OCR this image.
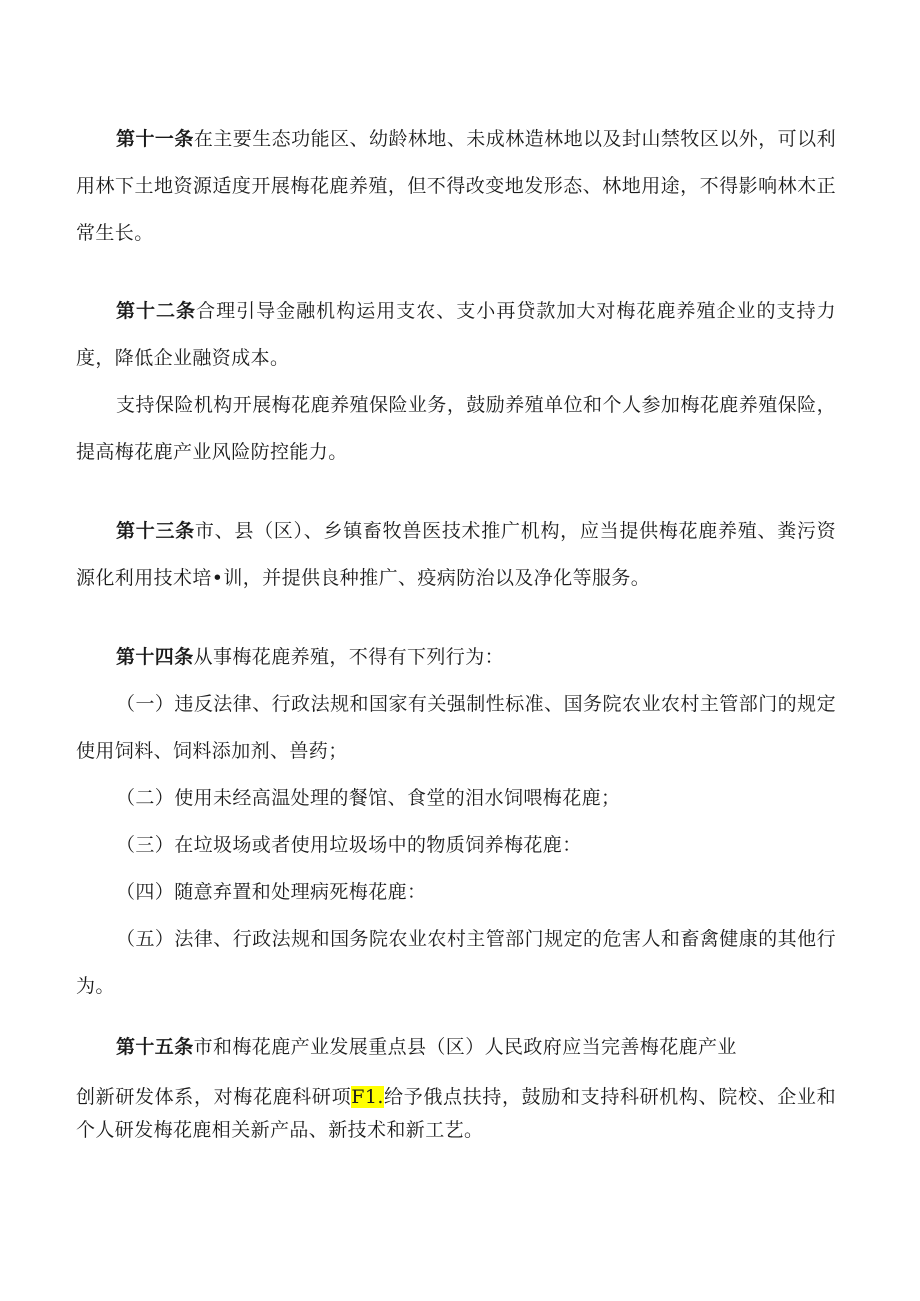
第十一条在主要生态功能区、幼龄林地、未成林造林地以及封山禁牧区以外，可以利用林下土地资源适度开展梅花鹿养殖，但不得改变地发形态、林地用途，不得影响林木正常生长。

第十二条合理引导金融机构运用支农、支小再贷款加大对梅花鹿养殖企业的支持力度，降低企业融资成本。

支持保险机构开展梅花鹿养殖保险业务，鼓励养殖单位和个人参加梅花鹿养殖保险，提高梅花鹿产业风险防控能力。

第十三条市、县（区）、乡镇畜牧兽医技术推广机构，应当提供梅花鹿养殖、粪污资源化利用技术培•训，并提供良种推广、疫病防治以及净化等服务。

第十四条从事梅花鹿养殖，不得有下列行为：

（一）违反法律、行政法规和国家有关强制性标准、国务院农业农村主管部门的规定使用饲料、饲料添加剂、兽药；

（二）使用未经高温处理的餐馆、食堂的泪水饲喂梅花鹿；

（三）在垃圾场或者使用垃圾场中的物质饲养梅花鹿：

（四）随意弃置和处理病死梅花鹿：

（五）法律、行政法规和国务院农业农村主管部门规定的危害人和畜禽健康的其他行为。

第十五条市和梅花鹿产业发展重点县（区）人民政府应当完善梅花鹿产业

创新研发体系，对梅花鹿科研项F1.给予俄点扶持，鼓励和支持科研机构、院校、企业和个人研发梅花鹿相关新产品、新技术和新工艺。
